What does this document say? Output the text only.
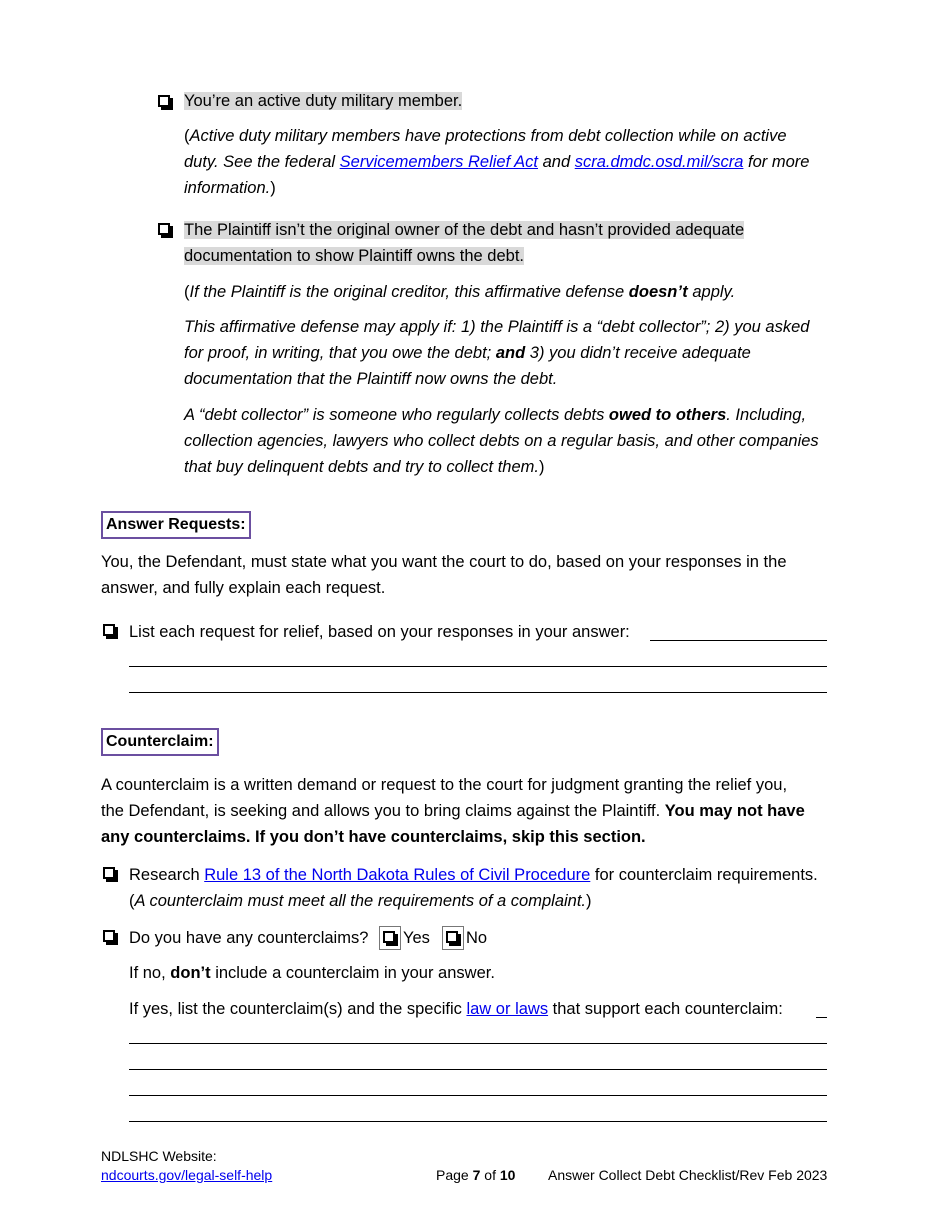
You’re an active duty military member.
(Active duty military members have protections from debt collection while on active
duty. See the federal Servicemembers Relief Act and scra.dmdc.osd.mil/scra for more
information.)
The Plaintiff isn’t the original owner of the debt and hasn’t provided adequate
documentation to show Plaintiff owns the debt.
(If the Plaintiff is the original creditor, this affirmative defense doesn’t apply.
This affirmative defense may apply if: 1) the Plaintiff is a “debt collector”; 2) you asked
for proof, in writing, that you owe the debt; and 3) you didn’t receive adequate
documentation that the Plaintiff now owns the debt.
A “debt collector” is someone who regularly collects debts owed to others. Including,
collection agencies, lawyers who collect debts on a regular basis, and other companies
that buy delinquent debts and try to collect them.)
Answer Requests:
You, the Defendant, must state what you want the court to do, based on your responses in the
answer, and fully explain each request.
List each request for relief, based on your responses in your answer:
Counterclaim:
A counterclaim is a written demand or request to the court for judgment granting the relief you,
the Defendant, is seeking and allows you to bring claims against the Plaintiff. You may not have
any counterclaims. If you don’t have counterclaims, skip this section.
Research Rule 13 of the North Dakota Rules of Civil Procedure for counterclaim requirements.
(A counterclaim must meet all the requirements of a complaint.)
Do you have any counterclaims? Yes No
If no, don’t include a counterclaim in your answer.
If yes, list the counterclaim(s) and the specific law or laws that support each counterclaim:
NDLSHC Website:
ndcourts.gov/legal-self-help	Page 7 of 10 Answer Collect Debt Checklist/Rev Feb 2023
